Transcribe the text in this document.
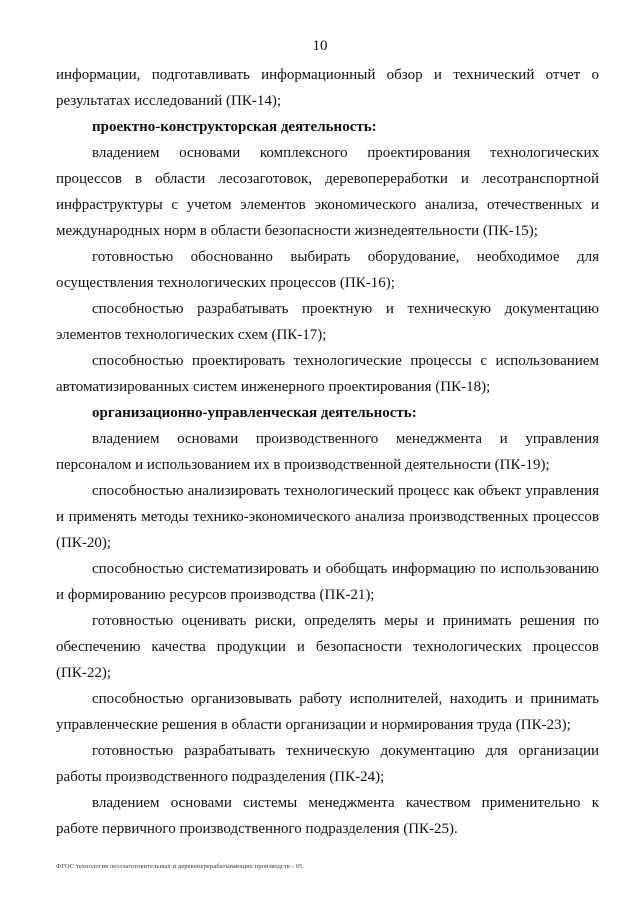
10

информации, подготавливать информационный обзор и технический отчет о результатах исследований (ПК-14);

проектно-конструкторская деятельность:

владением основами комплексного проектирования технологических процессов в области лесозаготовок, деревопереработки и лесотранспортной инфраструктуры с учетом элементов экономического анализа, отечественных и международных норм в области безопасности жизнедеятельности (ПК-15);

готовностью обоснованно выбирать оборудование, необходимое для осуществления технологических процессов (ПК-16);

способностью разрабатывать проектную и техническую документацию элементов технологических схем (ПК-17);

способностью проектировать технологические процессы с использованием автоматизированных систем инженерного проектирования (ПК-18);

организационно-управленческая деятельность:

владением основами производственного менеджмента и управления персоналом и использованием их в производственной деятельности (ПК-19);

способностью анализировать технологический процесс как объект управления и применять методы технико-экономического анализа производственных процессов (ПК-20);

способностью систематизировать и обобщать информацию по использованию и формированию ресурсов производства (ПК-21);

готовностью оценивать риски, определять меры и принимать решения по обеспечению качества продукции и безопасности технологических процессов (ПК-22);

способностью организовывать работу исполнителей, находить и принимать управленческие решения в области организации и нормирования труда (ПК-23);

готовностью разрабатывать техническую документацию для организации работы производственного подразделения (ПК-24);

владением основами системы менеджмента качеством применительно к работе первичного производственного подразделения (ПК-25).

ФГОС технология лесозаготовительных и деревоперерабатывающих производств - 05
